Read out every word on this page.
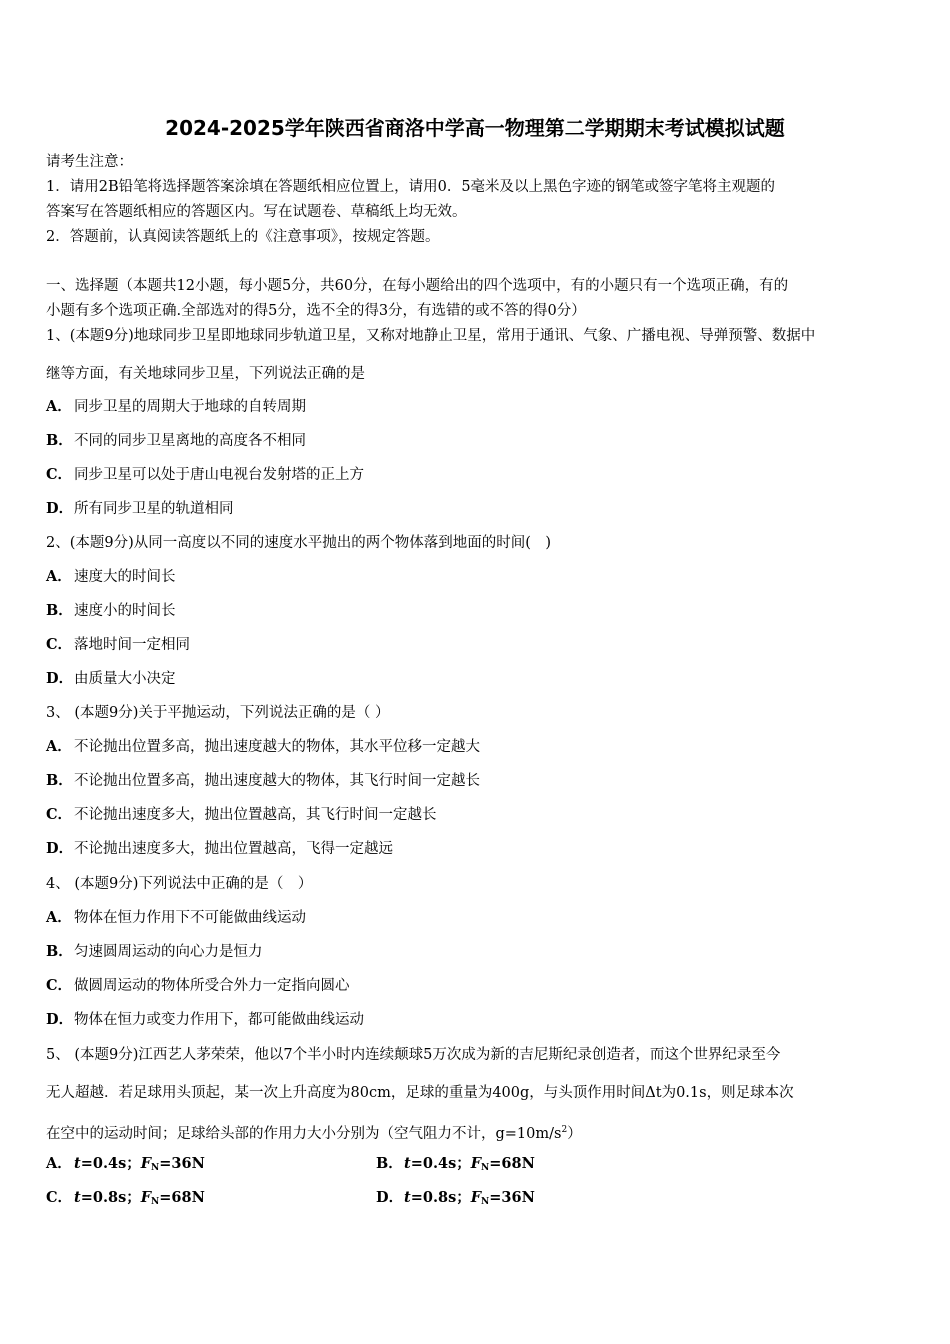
2024-2025学年陕西省商洛中学高一物理第二学期期末考试模拟试题
请考生注意：
1．请用2B铅笔将选择题答案涂填在答题纸相应位置上，请用0．5毫米及以上黑色字迹的钢笔或签字笔将主观题的
答案写在答题纸相应的答题区内。写在试题卷、草稿纸上均无效。
2．答题前，认真阅读答题纸上的《注意事项》，按规定答题。
一、选择题（本题共12小题，每小题5分，共60分，在每小题给出的四个选项中，有的小题只有一个选项正确，有的
小题有多个选项正确.全部选对的得5分，选不全的得3分，有选错的或不答的得0分）
1、(本题9分)地球同步卫星即地球同步轨道卫星，又称对地静止卫星，常用于通讯、气象、广播电视、导弹预警、数据中
继等方面，有关地球同步卫星，下列说法正确的是
A． 同步卫星的周期大于地球的自转周期
B．不同的同步卫星离地的高度各不相同
C． 同步卫星可以处于唐山电视台发射塔的正上方
D．所有同步卫星的轨道相同
2、(本题9分)从同一高度以不同的速度水平抛出的两个物体落到地面的时间(　)
A． 速度大的时间长
B．速度小的时间长
C． 落地时间一定相同
D．由质量大小决定
3、 (本题9分)关于平抛运动，下列说法正确的是（ ）
A． 不论抛出位置多高，抛出速度越大的物体，其水平位移一定越大
B．不论抛出位置多高，抛出速度越大的物体，其飞行时间一定越长
C． 不论抛出速度多大，抛出位置越高，其飞行时间一定越长
D．不论抛出速度多大，抛出位置越高，飞得一定越远
4、 (本题9分)下列说法中正确的是（　）
A． 物体在恒力作用下不可能做曲线运动
B．匀速圆周运动的向心力是恒力
C． 做圆周运动的物体所受合外力一定指向圆心
D．物体在恒力或变力作用下，都可能做曲线运动
5、 (本题9分)江西艺人茅荣荣，他以7个半小时内连续颠球5万次成为新的吉尼斯纪录创造者，而这个世界纪录至今
无人超越．若足球用头顶起，某一次上升高度为80cm，足球的重量为400g，与头顶作用时间Δt为0.1s，则足球本次
在空中的运动时间；足球给头部的作用力大小分别为（空气阻力不计，$g=10m/s^2$）
A． t=0.4s；$F_N=36N$	B．t=0.4s；$F_N=68N$
C． t=0.8s；$F_N=68N$	D．t=0.8s；$F_N=36N$
